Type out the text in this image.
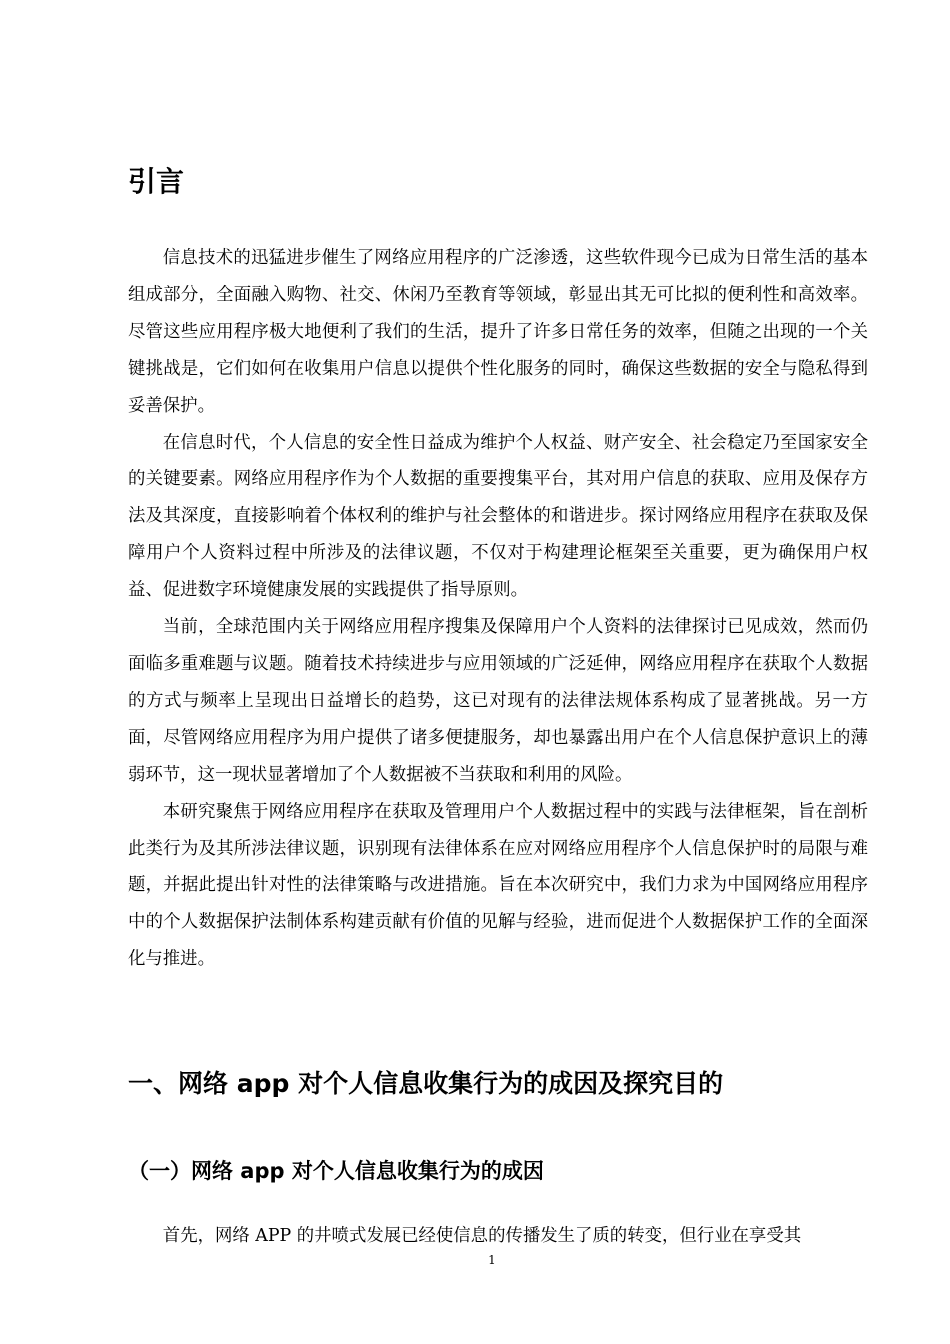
引言

信息技术的迅猛进步催生了网络应用程序的广泛渗透，这些软件现今已成为日常生活的基本组成部分，全面融入购物、社交、休闲乃至教育等领域，彰显出其无可比拟的便利性和高效率。尽管这些应用程序极大地便利了我们的生活，提升了许多日常任务的效率，但随之出现的一个关键挑战是，它们如何在收集用户信息以提供个性化服务的同时，确保这些数据的安全与隐私得到妥善保护。

在信息时代，个人信息的安全性日益成为维护个人权益、财产安全、社会稳定乃至国家安全的关键要素。网络应用程序作为个人数据的重要搜集平台，其对用户信息的获取、应用及保存方法及其深度，直接影响着个体权利的维护与社会整体的和谐进步。探讨网络应用程序在获取及保障用户个人资料过程中所涉及的法律议题，不仅对于构建理论框架至关重要，更为确保用户权益、促进数字环境健康发展的实践提供了指导原则。

当前，全球范围内关于网络应用程序搜集及保障用户个人资料的法律探讨已见成效，然而仍面临多重难题与议题。随着技术持续进步与应用领域的广泛延伸，网络应用程序在获取个人数据的方式与频率上呈现出日益增长的趋势，这已对现有的法律法规体系构成了显著挑战。另一方面，尽管网络应用程序为用户提供了诸多便捷服务，却也暴露出用户在个人信息保护意识上的薄弱环节，这一现状显著增加了个人数据被不当获取和利用的风险。

本研究聚焦于网络应用程序在获取及管理用户个人数据过程中的实践与法律框架，旨在剖析此类行为及其所涉法律议题，识别现有法律体系在应对网络应用程序个人信息保护时的局限与难题，并据此提出针对性的法律策略与改进措施。旨在本次研究中，我们力求为中国网络应用程序中的个人数据保护法制体系构建贡献有价值的见解与经验，进而促进个人数据保护工作的全面深化与推进。

一、网络 app 对个人信息收集行为的成因及探究目的
（一）网络 app 对个人信息收集行为的成因

首先，网络 APP 的井喷式发展已经使信息的传播发生了质的转变，但行业在享受其

1
